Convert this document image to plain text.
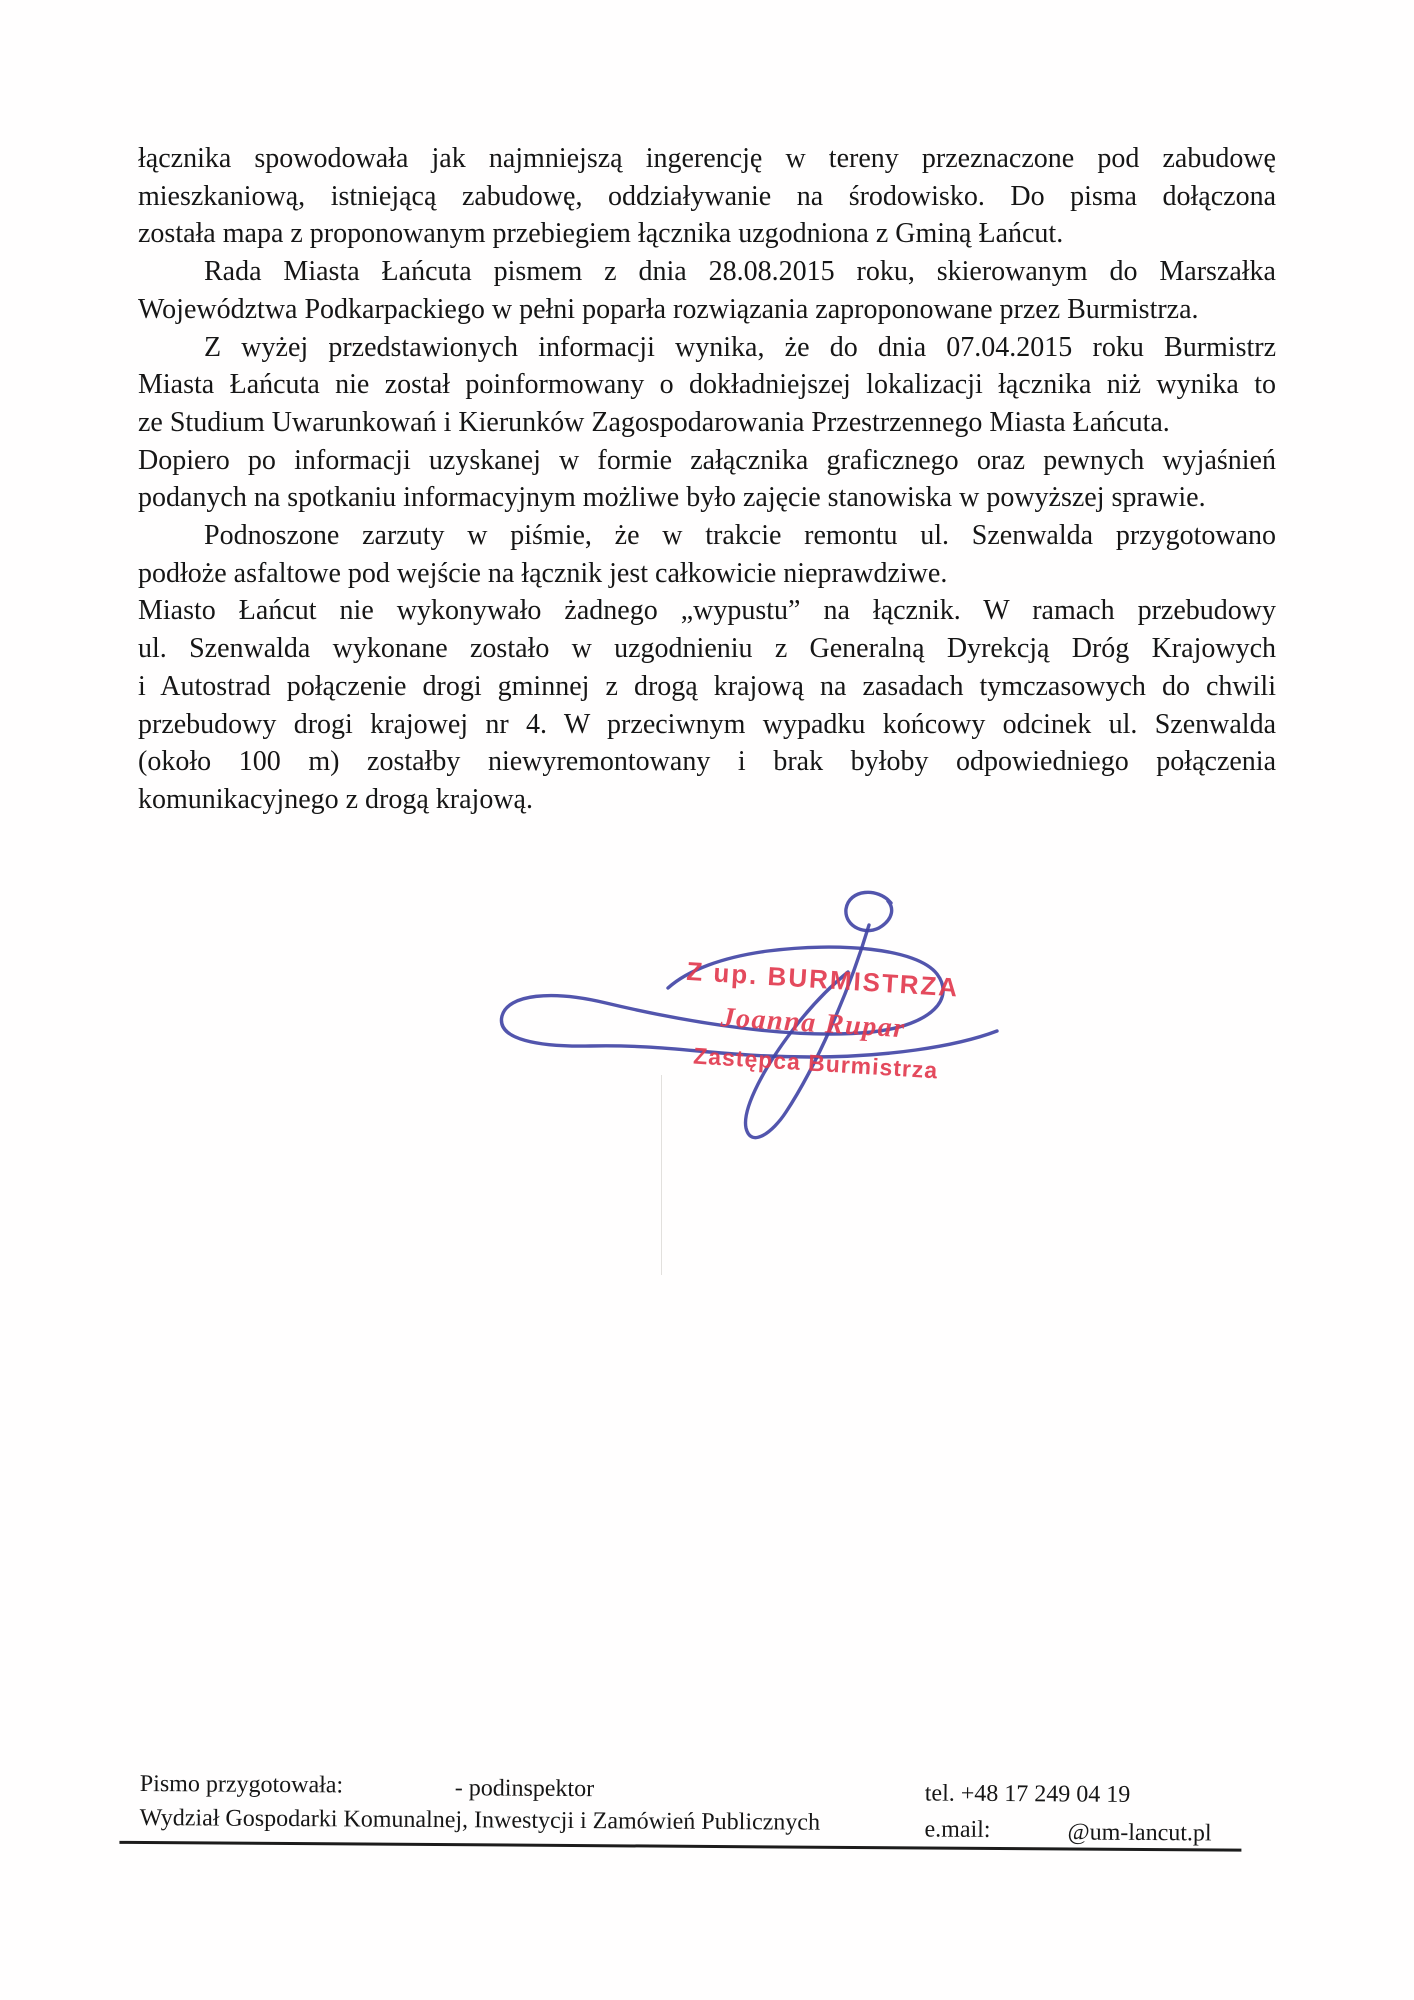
łącznika spowodowała jak najmniejszą ingerencję w tereny przeznaczone pod zabudowę
mieszkaniową, istniejącą zabudowę, oddziaływanie na środowisko. Do pisma dołączona
została mapa z proponowanym przebiegiem łącznika uzgodniona z Gminą Łańcut.
Rada Miasta Łańcuta pismem z dnia 28.08.2015 roku, skierowanym do Marszałka
Województwa Podkarpackiego w pełni poparła rozwiązania zaproponowane przez Burmistrza.
Z wyżej przedstawionych informacji wynika, że do dnia 07.04.2015 roku Burmistrz
Miasta Łańcuta nie został poinformowany o dokładniejszej lokalizacji łącznika niż wynika to
ze Studium Uwarunkowań i Kierunków Zagospodarowania Przestrzennego Miasta Łańcuta.
Dopiero po informacji uzyskanej w formie załącznika graficznego oraz pewnych wyjaśnień
podanych na spotkaniu informacyjnym możliwe było zajęcie stanowiska w powyższej sprawie.
Podnoszone zarzuty w piśmie, że w trakcie remontu ul. Szenwalda przygotowano
podłoże asfaltowe pod wejście na łącznik jest całkowicie nieprawdziwe.
Miasto Łańcut nie wykonywało żadnego „wypustu” na łącznik. W ramach przebudowy
ul. Szenwalda wykonane zostało w uzgodnieniu z Generalną Dyrekcją Dróg Krajowych
i Autostrad połączenie drogi gminnej z drogą krajową na zasadach tymczasowych do chwili
przebudowy drogi krajowej nr 4. W przeciwnym wypadku końcowy odcinek ul. Szenwalda
(około 100 m) zostałby niewyremontowany i brak byłoby odpowiedniego połączenia
komunikacyjnego z drogą krajową.
Z up. BURMISTRZA
Joanna Rupar
Zastępca Burmistrza
Pismo przygotowała:	- podinspektor	tel. +48 17 249 04 19
Wydział Gospodarki Komunalnej, Inwestycji i Zamówień Publicznych	e.mail:	@um-lancut.pl
